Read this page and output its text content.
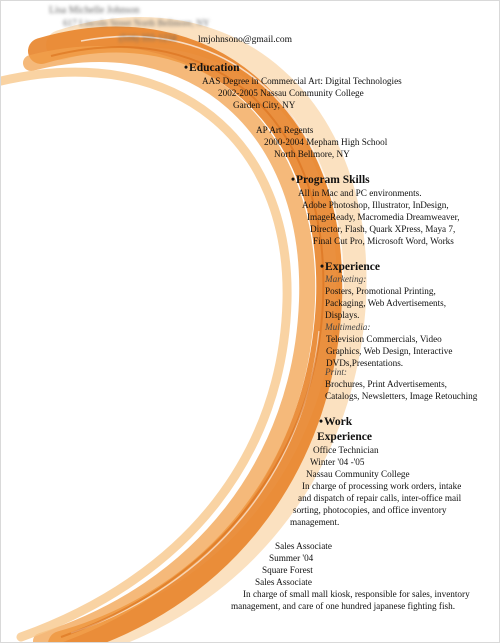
Lisa Michelle Johnson
617 Lincoln Street North Bellmore, NY
(516) 555-1234 lmjohnsono@gmail.com
•Education
AAS Degree in Commercial Art: Digital Technologies
2002-2005 Nassau Community College
Garden City, NY
AP Art Regents
2000-2004 Mepham High School
North Bellmore, NY
•Program Skills
All in Mac and PC environments.
Adobe Photoshop, Illustrator, InDesign,
ImageReady, Macromedia Dreamweaver,
Director, Flash, Quark XPress, Maya 7,
Final Cut Pro, Microsoft Word, Works
•Experience
Marketing:
Posters, Promotional Printing,
Packaging, Web Advertisements,
Displays.
Multimedia:
Television Commercials, Video
Graphics, Web Design, Interactive
DVDs,Presentations.
Print:
Brochures, Print Advertisements,
Catalogs, Newsletters, Image Retouching
•Work
Experience
Office Technician
Winter '04 -'05
Nassau Community College
In charge of processing work orders, intake
and dispatch of repair calls, inter-office mail
sorting, photocopies, and office inventory
management.
Sales Associate
Summer '04
Square Forest
Sales Associate
In charge of small mall kiosk, responsible for sales, inventory
management, and care of one hundred japanese fighting fish.
